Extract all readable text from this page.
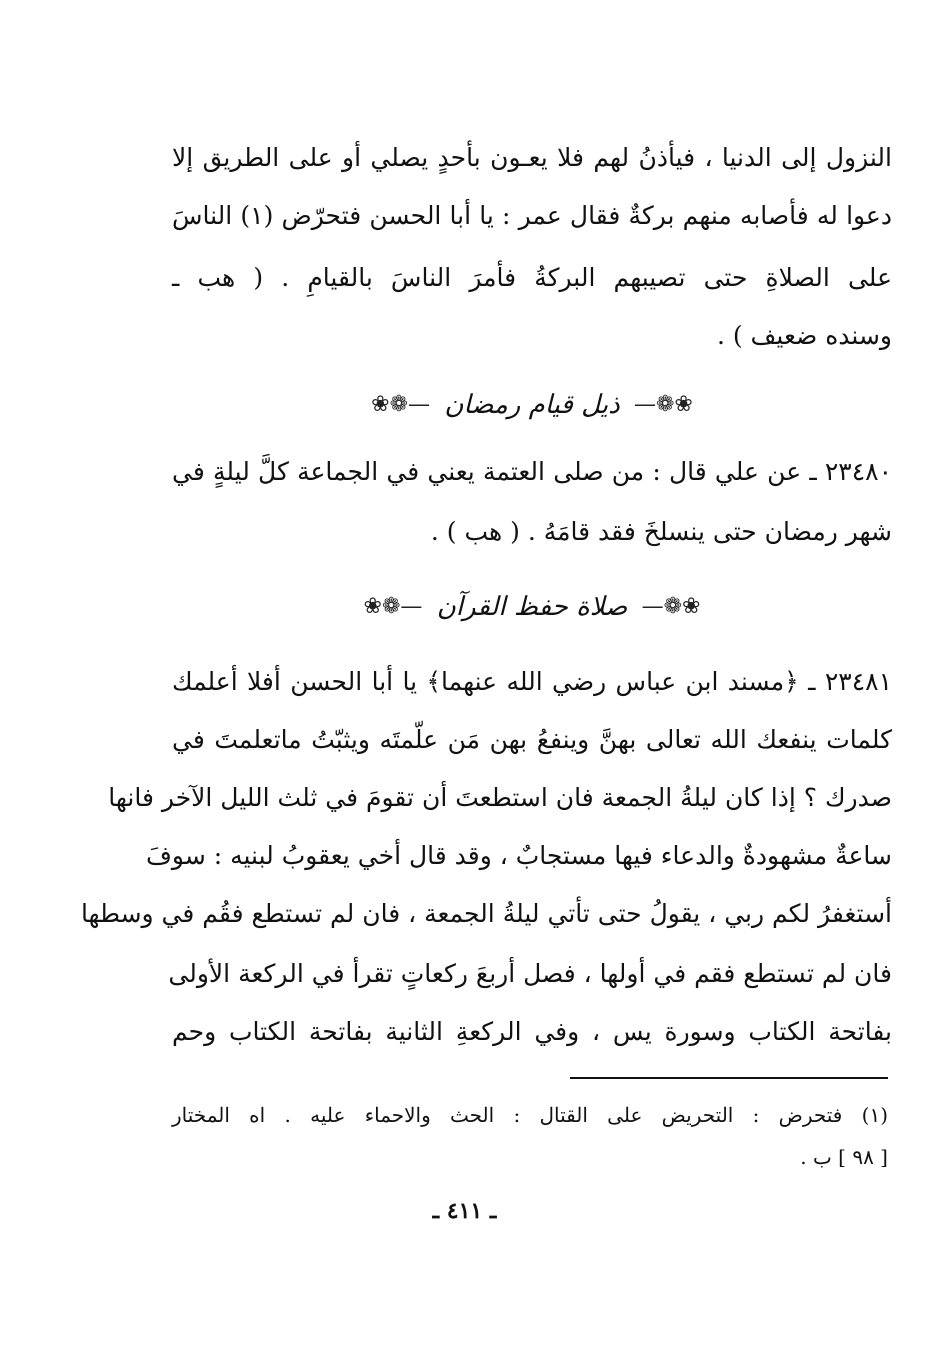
النزول إلى الدنيا ، فيأذنُ لهم فلا يعـون بأحدٍ يصلي أو على الطريق إلا
دعوا له فأصابه منهم بركةٌ فقال عمر : يا أبا الحسن فتحرّض (١) الناسَ
على الصلاةِ حتى تصيبهم البركةُ فأمرَ الناسَ بالقيامِ . ( هب ـ
وسنده ضعيف ) .
❀❁— ذيل قيام رمضان —❁❀
٢٣٤٨٠ ـ عن علي قال : من صلى العتمة يعني في الجماعة كلَّ ليلةٍ في
شهر رمضان حتى ينسلخَ فقد قامَهُ . ( هب ) .
❀❁— صلاة حفظ القرآن —❁❀
٢٣٤٨١ ـ ﴿مسند ابن عباس رضي الله عنهما﴾ يا أبا الحسن أفلا أعلمك
كلمات ينفعك الله تعالى بهنَّ وينفعُ بهن مَن علّمتَه ويثبّتُ ماتعلمتَ في
صدرك ؟ إذا كان ليلةُ الجمعة فان استطعتَ أن تقومَ في ثلث الليل الآخر فانها
ساعةٌ مشهودةٌ والدعاء فيها مستجابٌ ، وقد قال أخي يعقوبُ لبنيه : سوفَ
أستغفرُ لكم ربي ، يقولُ حتى تأتي ليلةُ الجمعة ، فان لم تستطع فقُم في وسطها
فان لم تستطع فقم في أولها ، فصل أربعَ ركعاتٍ تقرأ في الركعة الأولى
بفاتحة الكتاب وسورة يس ، وفي الركعةِ الثانية بفاتحة الكتاب وحم
(١) فتحرض : التحريض على القتال : الحث والاحماء عليه . اه المختار
[ ٩٨ ] ب .
ـ ٤١١ ـ
